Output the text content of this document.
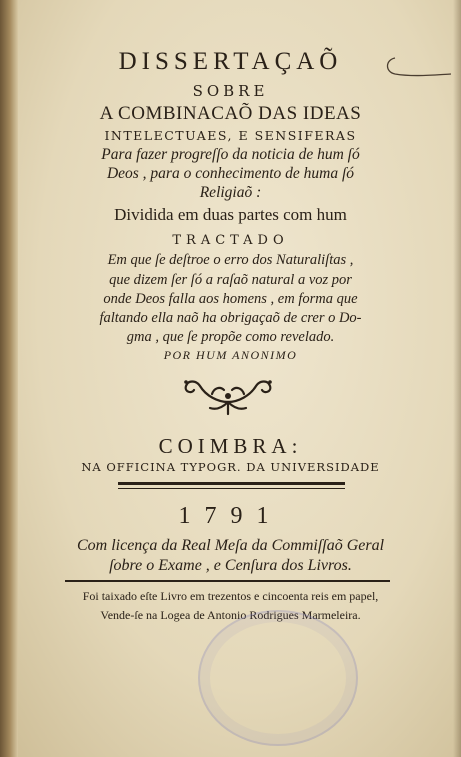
DISSERTAÇAÕ
SOBRE
A COMBINACAÕ DAS IDEAS
INTELECTUAES, E SENSIFERAS
Para fazer progreſſo da noticia de hum ſó
Deos , para o conhecimento de huma ſó
Religiaõ :
Dividida em duas partes com hum
TRACTADO
Em que ſe deſtroe o erro dos Naturaliſtas ,
que dizem ſer ſó a raſaõ natural a voz por
onde Deos falla aos homens , em forma que
faltando ella naõ ha obrigaçaõ de crer o Do-
gma , que ſe propõe como revelado.
POR HUM ANONIMO
COIMBRA:
NA OFFICINA TYPOGR. DA UNIVERSIDADE
1791
Com licença da Real Meſa da Commiſſaõ Geral
ſobre o Exame , e Cenſura dos Livros.
Foi taixado eſte Livro em trezentos e cincoenta reis em papel,
Vende-ſe na Logea de Antonio Rodrigues Marmeleira.
